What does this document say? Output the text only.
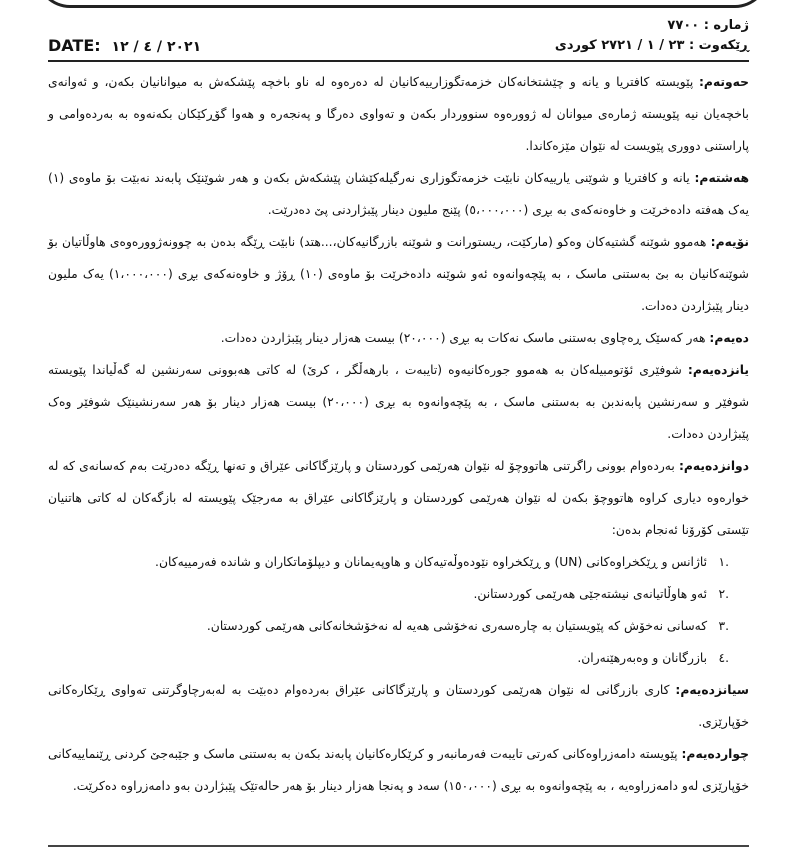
ژمارە : ٧٧٠٠
ڕێکەوت : ٢٣ / ١ / ٢٧٢١ کوردی
DATE: ٢٠٢١ / ٤ / ١٢

حەوتەم: پێویستە کافتریا و یانە و چێشتخانەکان خزمەتگوزارییەکانیان لە دەرەوە لە ناو باخچە پێشکەش بە میوانانیان بکەن، و ئەوانەی باخچەیان نیە پێویستە ژمارەی میوانان لە ژوورەوە سنووردار بکەن و تەواوی دەرگا و پەنجەرە و هەوا گۆڕکێکان بکەنەوە بە بەردەوامی و پاراستنی دووری پێویست لە نێوان مێزەکاندا.

هەشتەم: یانە و کافتریا و شوێنی یارییەکان نابێت خزمەتگوزاری نەرگیلەکێشان پێشکەش بکەن و هەر شوێنێک پابەند نەبێت بۆ ماوەی (١) یەک هەفتە دادەخرێت و خاوەنەکەی بە بڕی (٥،٠٠٠،٠٠٠) پێنج ملیون دینار پێبژاردنی پێ دەدرێت.

نۆیەم: هەموو شوێنە گشتیەکان وەکو (مارکێت، ریستورانت و شوێنە بازرگانیەکان،...هتد) نابێت ڕێگە بدەن بە چوونەژوورەوەی هاوڵاتیان بۆ شوێنەکانیان بە بێ بەستنی ماسک ، بە پێچەوانەوە ئەو شوێنە دادەخرێت بۆ ماوەی (١٠) ڕۆژ و خاوەنەکەی بڕی (١،٠٠٠،٠٠٠) یەک ملیون دینار پێبژاردن دەدات.

دەیەم: هەر کەسێک ڕەچاوی بەستنی ماسک نەکات بە بڕی (٢٠،٠٠٠) بیست هەزار دینار پێبژاردن دەدات.

یانزدەیەم: شوفێری ئۆتومبیلەکان بە هەموو جورەکانیەوە (تایبەت ، بارهەڵگر ، کرێ) لە کاتی هەبوونی سەرنشین لە گەڵیاندا پێویستە شوفێر و سەرنشین پابەندبن بە بەستنی ماسک ، بە پێچەوانەوە بە بڕی (٢٠،٠٠٠) بیست هەزار دینار بۆ هەر سەرنشینێک شوفێر وەک پێبژاردن دەدات.

دوانزدەیەم: بەردەوام بوونی راگرتنی هاتووچۆ لە نێوان هەرێمی کوردستان و پارێزگاکانی عێراق و تەنها ڕێگە دەدرێت بەم کەسانەی کە لە خوارەوە دیاری کراوە هاتووچۆ بکەن لە نێوان هەرێمی کوردستان و پارێزگاکانی عێراق بە مەرجێک پێویستە لە بازگەکان لە کاتی هاتنیان تێستی کۆرۆنا ئەنجام بدەن:

.١ ئاژانس و ڕێکخراوەکانی (UN) و ڕێکخراوە نێودەوڵەتیەکان و هاوپەیمانان و دیپلۆماتکاران و شاندە فەرمییەکان.
.٢ ئەو هاوڵاتیانەی نیشتەجێی هەرێمی کوردستانن.
.٣ کەسانی نەخۆش کە پێویستیان بە چارەسەری نەخۆشی هەیە لە نەخۆشخانەکانی هەرێمی کوردستان.
.٤ بازرگانان و وەبەرهێنەران.

سیانزدەیەم: کاری بازرگانی لە نێوان هەرێمی کوردستان و پارێزگاکانی عێراق بەردەوام دەبێت بە لەبەرچاوگرتنی تەواوی ڕێکارەکانی خۆپارێزی.

چواردەیەم: پێویستە دامەزراوەکانی کەرتی تایبەت فەرمانبەر و کرێکارەکانیان پابەند بکەن بە بەستنی ماسک و جێبەجێ کردنی ڕێنماییەکانی خۆپارێزی لەو دامەزراوەیە ، بە پێچەوانەوە بە بڕی (١٥٠،٠٠٠) سەد و پەنجا هەزار دینار بۆ هەر حالەتێک پێبژاردن بەو دامەزراوە دەکرێت.
